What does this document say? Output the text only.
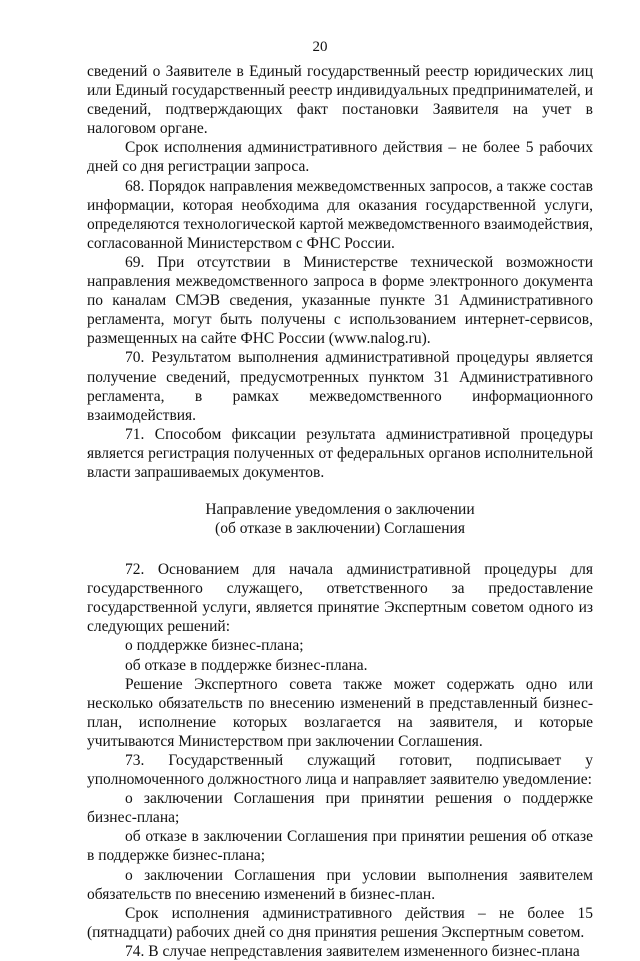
20

сведений о Заявителе в Единый государственный реестр юридических лиц или Единый государственный реестр индивидуальных предпринимателей, и сведений, подтверждающих факт постановки Заявителя на учет в налоговом органе.

Срок исполнения административного действия – не более 5 рабочих дней со дня регистрации запроса.

68. Порядок направления межведомственных запросов, а также состав информации, которая необходима для оказания государственной услуги, определяются технологической картой межведомственного взаимодействия, согласованной Министерством с ФНС России.

69. При отсутствии в Министерстве технической возможности направления межведомственного запроса в форме электронного документа по каналам СМЭВ сведения, указанные пункте 31 Административного регламента, могут быть получены с использованием интернет-сервисов, размещенных на сайте ФНС России (www.nalog.ru).

70. Результатом выполнения административной процедуры является получение сведений, предусмотренных пунктом 31 Административного регламента, в рамках межведомственного информационного взаимодействия.

71. Способом фиксации результата административной процедуры является регистрация полученных от федеральных органов исполнительной власти запрашиваемых документов.

Направление уведомления о заключении
(об отказе в заключении) Соглашения

72. Основанием для начала административной процедуры для государственного служащего, ответственного за предоставление государственной услуги, является принятие Экспертным советом одного из следующих решений:

о поддержке бизнес-плана;

об отказе в поддержке бизнес-плана.

Решение Экспертного совета также может содержать одно или несколько обязательств по внесению изменений в представленный бизнес-план, исполнение которых возлагается на заявителя, и которые учитываются Министерством при заключении Соглашения.

73. Государственный служащий готовит, подписывает у уполномоченного должностного лица и направляет заявителю уведомление:

о заключении Соглашения при принятии решения о поддержке бизнес-плана;

об отказе в заключении Соглашения при принятии решения об отказе в поддержке бизнес-плана;

о заключении Соглашения при условии выполнения заявителем обязательств по внесению изменений в бизнес-план.

Срок исполнения административного действия – не более 15 (пятнадцати) рабочих дней со дня принятия решения Экспертным советом.

74. В случае непредставления заявителем измененного бизнес-плана
